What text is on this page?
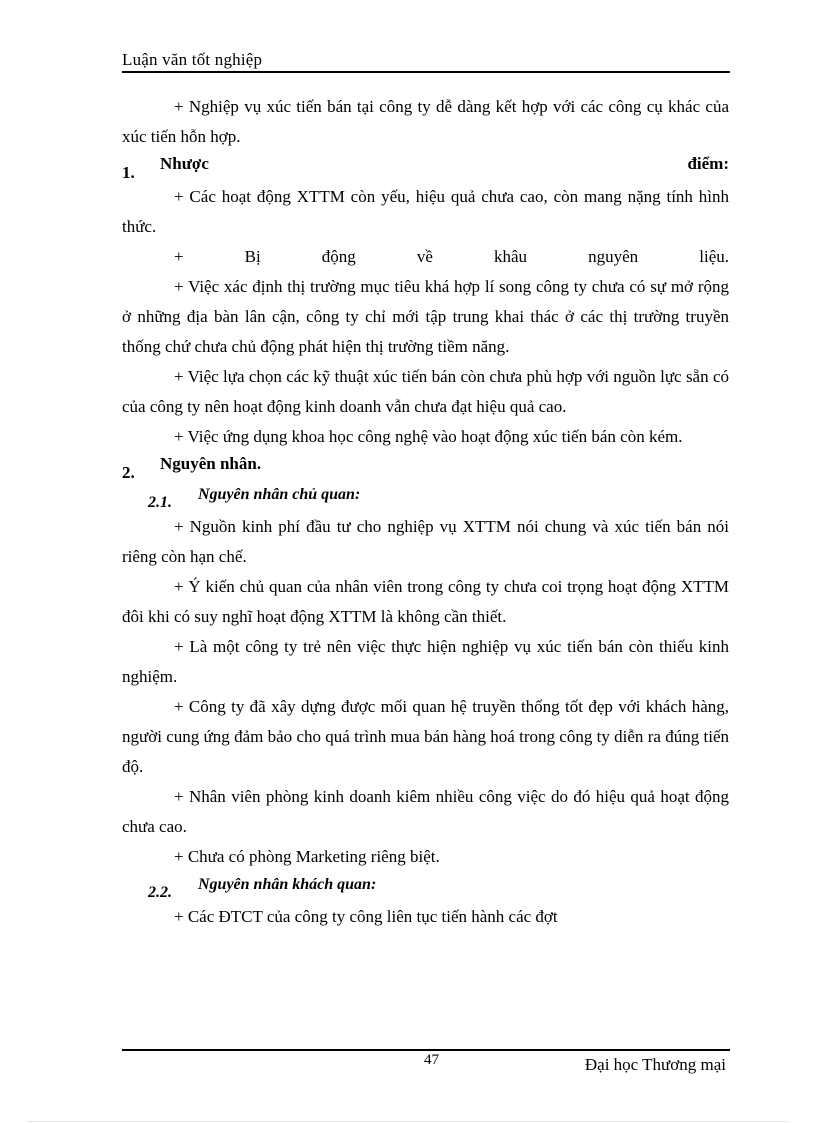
Luận văn tốt nghiệp

+ Nghiệp vụ xúc tiến bán tại công ty dễ dàng kết hợp với các công cụ khác của xúc tiến hỗn hợp.

1. Nhược	điểm:

+ Các hoạt động XTTM còn yếu, hiệu quả chưa cao, còn mang nặng tính hình thức.

+ Bị động về khâu nguyên liệu.

+ Việc xác định thị trường mục tiêu khá hợp lí song công ty chưa có sự mở rộng ở những địa bàn lân cận, công ty chỉ mới tập trung khai thác ở các thị trường truyền thống chứ chưa chủ động phát hiện thị trường tiềm năng.

+ Việc lựa chọn các kỹ thuật xúc tiến bán còn chưa phù hợp với nguồn lực sẵn có của công ty nên hoạt động kinh doanh vẫn chưa đạt hiệu quả cao.

+ Việc ứng dụng khoa học công nghệ vào hoạt động xúc tiến bán còn kém.

2. Nguyên nhân.
2.1. Nguyên nhân chủ quan:

+ Nguồn kinh phí đầu tư cho nghiệp vụ XTTM nói chung và xúc tiến bán nói riêng còn hạn chế.

+ Ý kiến chủ quan của nhân viên trong công ty chưa coi trọng hoạt động XTTM đôi khi có suy nghĩ hoạt động XTTM là không cần thiết.

+ Là một công ty trẻ nên việc thực hiện nghiệp vụ xúc tiến bán còn thiếu kinh nghiệm.

+ Công ty đã xây dựng được mối quan hệ truyền thống tốt đẹp với khách hàng, người cung ứng đảm bảo cho quá trình mua bán hàng hoá trong công ty diễn ra đúng tiến độ.

+ Nhân viên phòng kinh doanh kiêm nhiều công việc do đó hiệu quả hoạt động chưa cao.

+ Chưa có phòng Marketing riêng biệt.

2.2. Nguyên nhân khách quan:

+ Các ĐTCT của công ty công liên tục tiến hành các đợt

47	Đại học Thương mại
